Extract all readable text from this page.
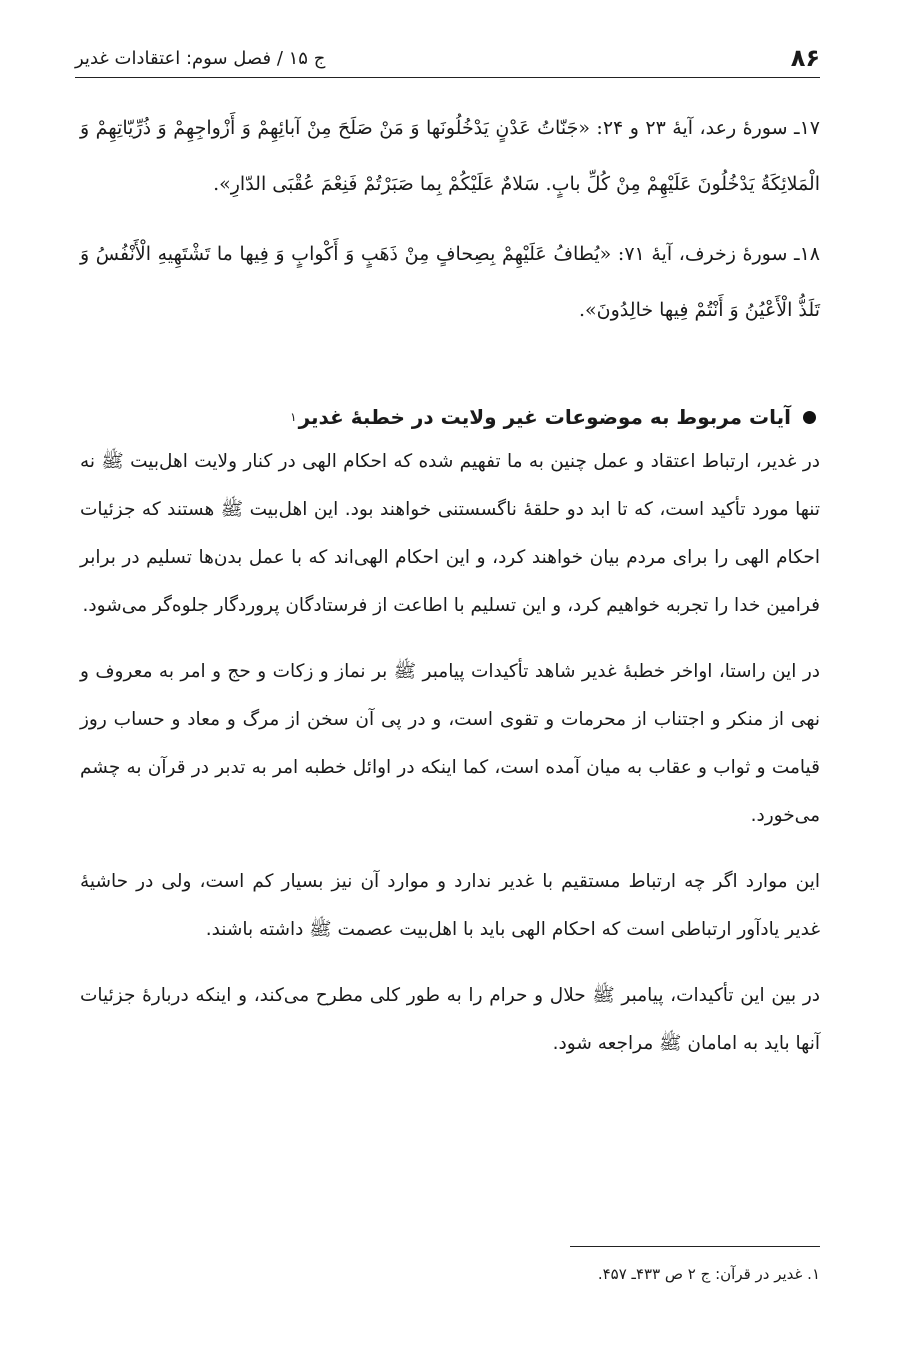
۸۶
ج ۱۵ / فصل سوم: اعتقادات غدیر

۱۷ـ سورهٔ رعد، آیهٔ ۲۳ و ۲۴: «جَنّاتُ عَدْنٍ یَدْخُلُونَها وَ مَنْ صَلَحَ مِنْ آبائِهِمْ وَ أَزْواجِهِمْ وَ ذُرِّیّاتِهِمْ وَ الْمَلائِکَةُ یَدْخُلُونَ عَلَیْهِمْ مِنْ کُلِّ بابٍ. سَلامٌ عَلَیْکُمْ بِما صَبَرْتُمْ فَنِعْمَ عُقْبَی الدّارِ».

۱۸ـ سورهٔ زخرف، آیهٔ ۷۱: «یُطافُ عَلَیْهِمْ بِصِحافٍ مِنْ ذَهَبٍ وَ أَکْوابٍ وَ فِیها ما تَشْتَهِیهِ الْأَنْفُسُ وَ تَلَذُّ الْأَعْیُنُ وَ أَنْتُمْ فِیها خالِدُونَ».

آیات مربوط به موضوعات غیر ولایت در خطبهٔ غدیر
۱

در غدیر، ارتباط اعتقاد و عمل چنین به ما تفهیم شده که احکام الهی در کنار ولایت اهل‌بیت ﷺ نه تنها مورد تأکید است، که تا ابد دو حلقهٔ ناگسستنی خواهند بود. این اهل‌بیت ﷺ هستند که جزئیات احکام الهی را برای مردم بیان خواهند کرد، و این احکام الهی‌اند که با عمل بدن‌ها تسلیم در برابر فرامین خدا را تجربه خواهیم کرد، و این تسلیم با اطاعت از فرستادگان پروردگار جلوه‌گر می‌شود.

در این راستا، اواخر خطبهٔ غدیر شاهد تأکیدات پیامبر ﷺ بر نماز و زکات و حج و امر به معروف و نهی از منکر و اجتناب از محرمات و تقوی است، و در پی آن سخن از مرگ و معاد و حساب روز قیامت و ثواب و عقاب به میان آمده است، کما اینکه در اوائل خطبه امر به تدبر در قرآن به چشم می‌خورد.

این موارد اگر چه ارتباط مستقیم با غدیر ندارد و موارد آن نیز بسیار کم است، ولی در حاشیهٔ غدیر یادآور ارتباطی است که احکام الهی باید با اهل‌بیت عصمت ﷺ داشته باشند.

در بین این تأکیدات، پیامبر ﷺ حلال و حرام را به طور کلی مطرح می‌کند، و اینکه دربارهٔ جزئیات آنها باید به امامان ﷺ مراجعه شود.

۱. غدیر در قرآن: ج ۲ ص ۴۳۳ـ ۴۵۷.
